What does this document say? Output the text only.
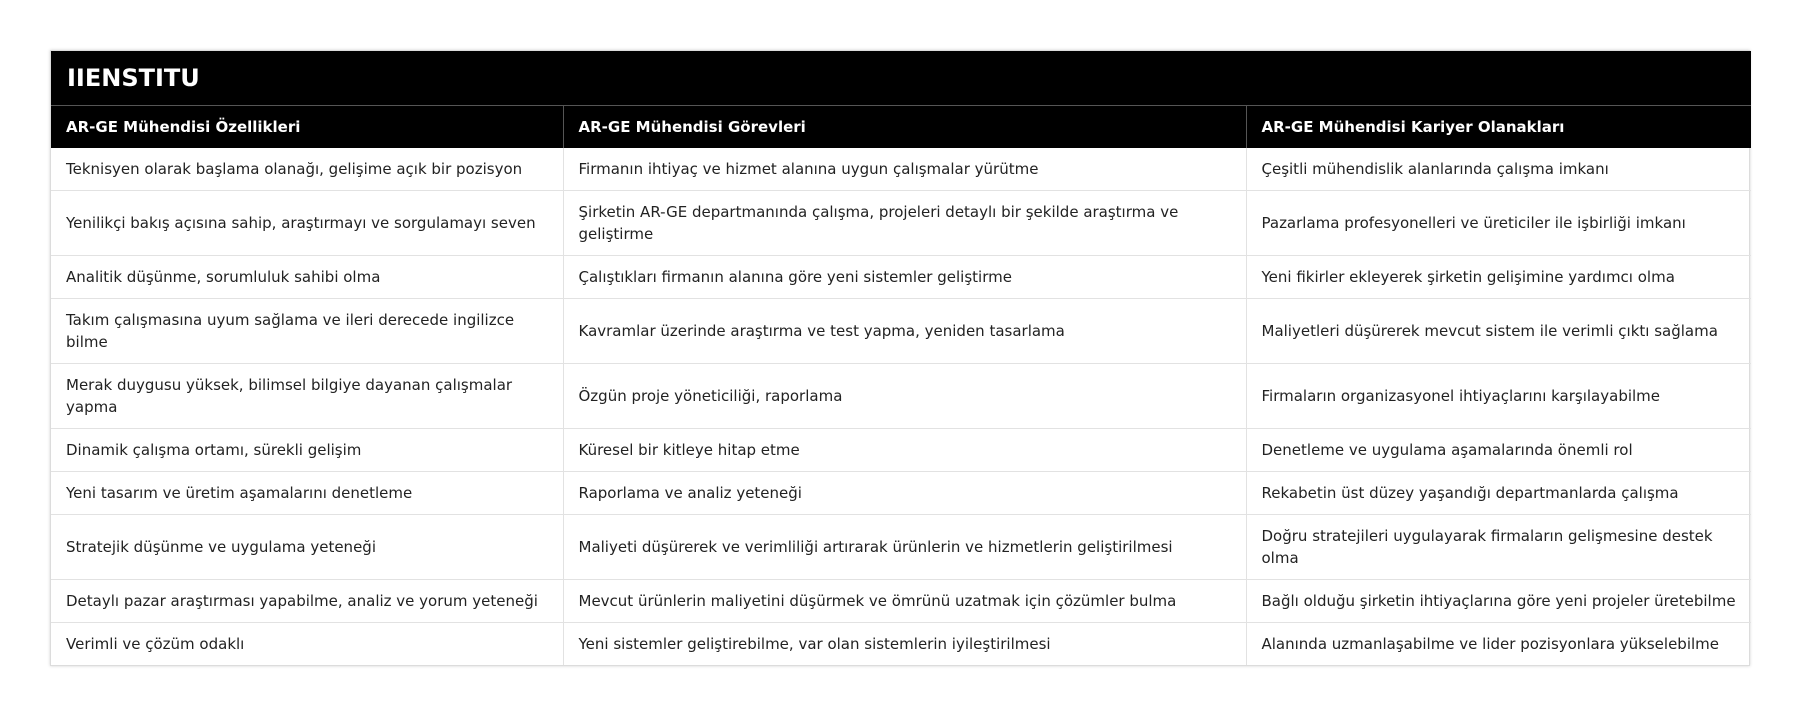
IIENSTITU		
AR-GE Mühendisi Özellikleri	AR-GE Mühendisi Görevleri	AR-GE Mühendisi Kariyer Olanakları
Teknisyen olarak başlama olanağı, gelişime açık bir pozisyon	Firmanın ihtiyaç ve hizmet alanına uygun çalışmalar yürütme	Çeşitli mühendislik alanlarında çalışma imkanı
Yenilikçi bakış açısına sahip, araştırmayı ve sorgulamayı seven	Şirketin AR-GE departmanında çalışma, projeleri detaylı bir şekilde araştırma ve geliştirme	Pazarlama profesyonelleri ve üreticiler ile işbirliği imkanı
Analitik düşünme, sorumluluk sahibi olma	Çalıştıkları firmanın alanına göre yeni sistemler geliştirme	Yeni fikirler ekleyerek şirketin gelişimine yardımcı olma
Takım çalışmasına uyum sağlama ve ileri derecede ingilizce bilme	Kavramlar üzerinde araştırma ve test yapma, yeniden tasarlama	Maliyetleri düşürerek mevcut sistem ile verimli çıktı sağlama
Merak duygusu yüksek, bilimsel bilgiye dayanan çalışmalar yapma	Özgün proje yöneticiliği, raporlama	Firmaların organizasyonel ihtiyaçlarını karşılayabilme
Dinamik çalışma ortamı, sürekli gelişim	Küresel bir kitleye hitap etme	Denetleme ve uygulama aşamalarında önemli rol
Yeni tasarım ve üretim aşamalarını denetleme	Raporlama ve analiz yeteneği	Rekabetin üst düzey yaşandığı departmanlarda çalışma
Stratejik düşünme ve uygulama yeteneği	Maliyeti düşürerek ve verimliliği artırarak ürünlerin ve hizmetlerin geliştirilmesi	Doğru stratejileri uygulayarak firmaların gelişmesine destek olma
Detaylı pazar araştırması yapabilme, analiz ve yorum yeteneği	Mevcut ürünlerin maliyetini düşürmek ve ömrünü uzatmak için çözümler bulma	Bağlı olduğu şirketin ihtiyaçlarına göre yeni projeler üretebilme
Verimli ve çözüm odaklı	Yeni sistemler geliştirebilme, var olan sistemlerin iyileştirilmesi	Alanında uzmanlaşabilme ve lider pozisyonlara yükselebilme
